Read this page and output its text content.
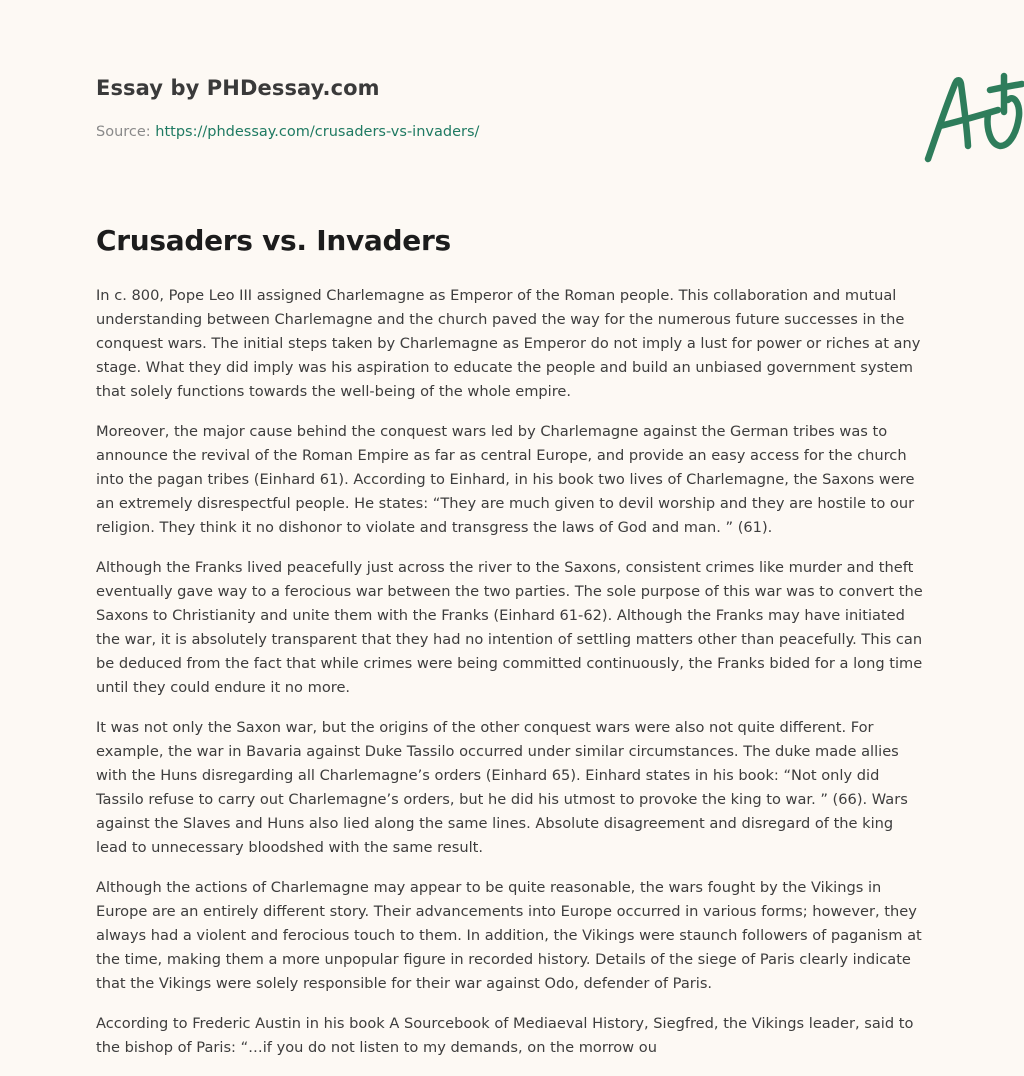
Essay by PHDessay.com
Source: https://phdessay.com/crusaders-vs-invaders/
Crusaders vs. Invaders

In c. 800, Pope Leo III assigned Charlemagne as Emperor of the Roman people. This collaboration and mutual understanding between Charlemagne and the church paved the way for the numerous future successes in the conquest wars. The initial steps taken by Charlemagne as Emperor do not imply a lust for power or riches at any stage. What they did imply was his aspiration to educate the people and build an unbiased government system that solely functions towards the well-being of the whole empire.

Moreover, the major cause behind the conquest wars led by Charlemagne against the German tribes was to announce the revival of the Roman Empire as far as central Europe, and provide an easy access for the church into the pagan tribes (Einhard 61). According to Einhard, in his book two lives of Charlemagne, the Saxons were an extremely disrespectful people. He states: “They are much given to devil worship and they are hostile to our religion. They think it no dishonor to violate and transgress the laws of God and man. ” (61).

Although the Franks lived peacefully just across the river to the Saxons, consistent crimes like murder and theft eventually gave way to a ferocious war between the two parties. The sole purpose of this war was to convert the Saxons to Christianity and unite them with the Franks (Einhard 61-62). Although the Franks may have initiated the war, it is absolutely transparent that they had no intention of settling matters other than peacefully. This can be deduced from the fact that while crimes were being committed continuously, the Franks bided for a long time until they could endure it no more.

It was not only the Saxon war, but the origins of the other conquest wars were also not quite different. For example, the war in Bavaria against Duke Tassilo occurred under similar circumstances. The duke made allies with the Huns disregarding all Charlemagne’s orders (Einhard 65). Einhard states in his book: “Not only did Tassilo refuse to carry out Charlemagne’s orders, but he did his utmost to provoke the king to war. ” (66). Wars against the Slaves and Huns also lied along the same lines. Absolute disagreement and disregard of the king lead to unnecessary bloodshed with the same result.

Although the actions of Charlemagne may appear to be quite reasonable, the wars fought by the Vikings in Europe are an entirely different story. Their advancements into Europe occurred in various forms; however, they always had a violent and ferocious touch to them. In addition, the Vikings were staunch followers of paganism at the time, making them a more unpopular figure in recorded history. Details of the siege of Paris clearly indicate that the Vikings were solely responsible for their war against Odo, defender of Paris.

According to Frederic Austin in his book A Sourcebook of Mediaeval History, Siegfred, the Vikings leader, said to the bishop of Paris: “…if you do not listen to my demands, on the morrow ou
